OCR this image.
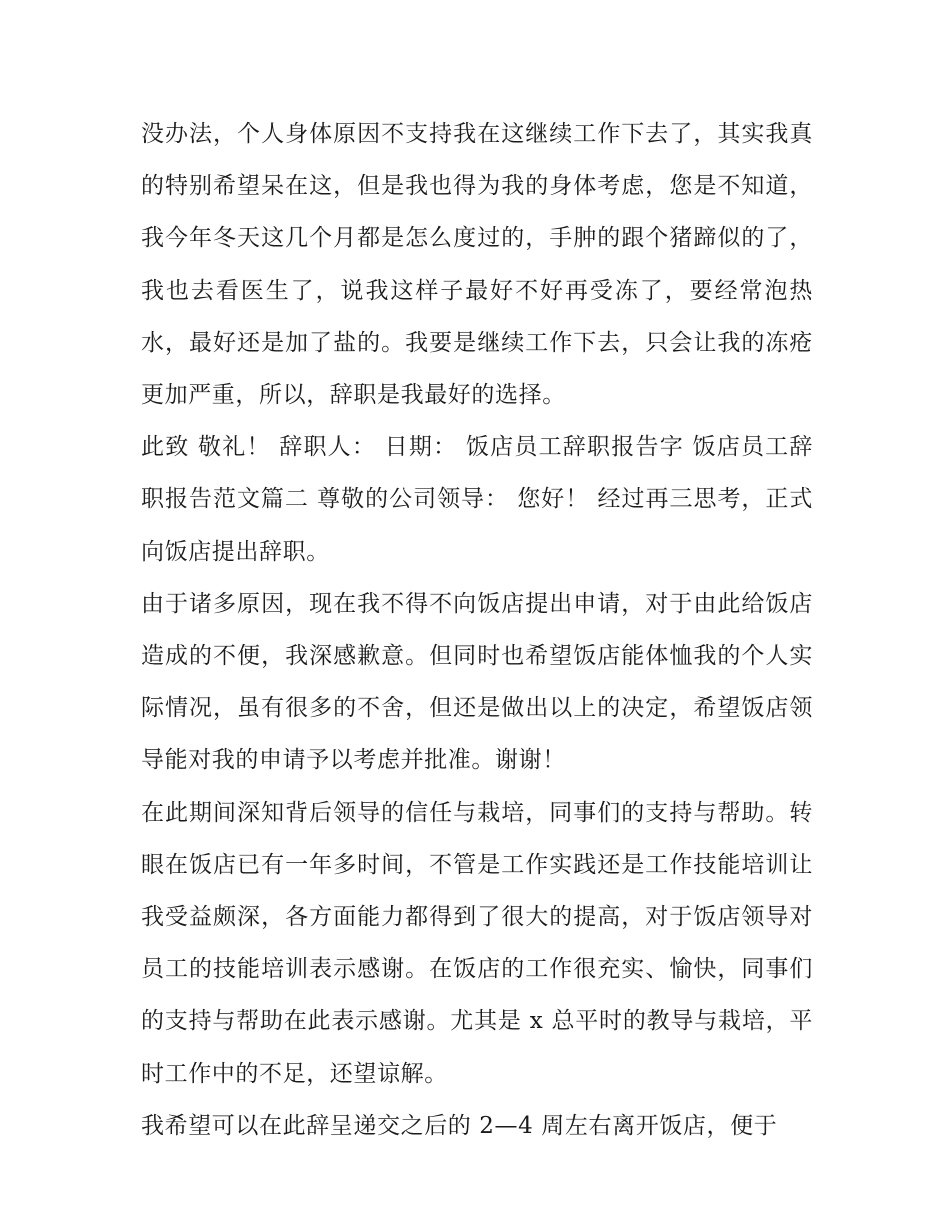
没办法，个人身体原因不支持我在这继续工作下去了，其实我真的特别希望呆在这，但是我也得为我的身体考虑，您是不知道，我今年冬天这几个月都是怎么度过的，手肿的跟个猪蹄似的了，我也去看医生了，说我这样子最好不好再受冻了，要经常泡热水，最好还是加了盐的。我要是继续工作下去，只会让我的冻疮更加严重，所以，辞职是我最好的选择。

此致 敬礼！ 辞职人： 日期： 饭店员工辞职报告字 饭店员工辞职报告范文篇二 尊敬的公司领导： 您好！ 经过再三思考，正式向饭店提出辞职。

由于诸多原因，现在我不得不向饭店提出申请，对于由此给饭店造成的不便，我深感歉意。但同时也希望饭店能体恤我的个人实际情况，虽有很多的不舍，但还是做出以上的决定，希望饭店领导能对我的申请予以考虑并批准。谢谢！

在此期间深知背后领导的信任与栽培，同事们的支持与帮助。转眼在饭店已有一年多时间，不管是工作实践还是工作技能培训让我受益颇深，各方面能力都得到了很大的提高，对于饭店领导对员工的技能培训表示感谢。在饭店的工作很充实、愉快，同事们的支持与帮助在此表示感谢。尤其是 x 总平时的教导与栽培，平时工作中的不足，还望谅解。

我希望可以在此辞呈递交之后的 2—4 周左右离开饭店，便于
